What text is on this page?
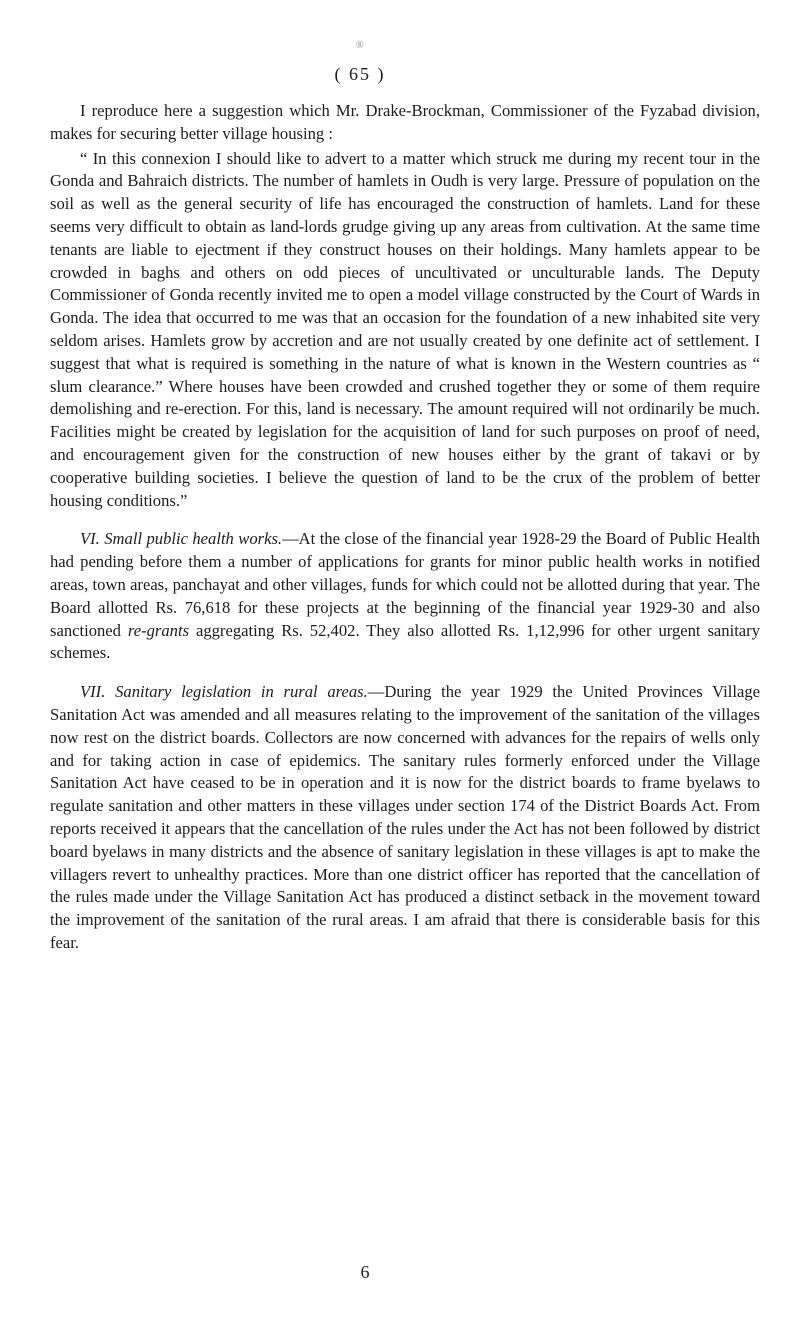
®
( 65 )

I reproduce here a suggestion which Mr. Drake-Brockman, Commissioner of the Fyzabad division, makes for securing better village housing :

“ In this connexion I should like to advert to a matter which struck me during my recent tour in the Gonda and Bahraich districts. The number of hamlets in Oudh is very large. Pressure of population on the soil as well as the general security of life has encouraged the construction of hamlets. Land for these seems very difficult to obtain as land-lords grudge giving up any areas from cultivation. At the same time tenants are liable to ejectment if they construct houses on their holdings. Many hamlets appear to be crowded in baghs and others on odd pieces of uncultivated or unculturable lands. The Deputy Commissioner of Gonda recently invited me to open a model village constructed by the Court of Wards in Gonda. The idea that occurred to me was that an occasion for the foundation of a new inhabited site very seldom arises. Hamlets grow by accretion and are not usually created by one definite act of settlement. I suggest that what is required is something in the nature of what is known in the Western countries as “ slum clearance.” Where houses have been crowded and crushed together they or some of them require demolishing and re-erection. For this, land is necessary. The amount required will not ordinarily be much. Facilities might be created by legislation for the acquisition of land for such purposes on proof of need, and encouragement given for the construction of new houses either by the grant of takavi or by cooperative building societies. I believe the question of land to be the crux of the problem of better housing conditions.”

VI. Small public health works.—At the close of the financial year 1928-29 the Board of Public Health had pending before them a number of applications for grants for minor public health works in notified areas, town areas, panchayat and other villages, funds for which could not be allotted during that year. The Board allotted Rs. 76,618 for these projects at the beginning of the financial year 1929-30 and also sanctioned re-grants aggregating Rs. 52,402. They also allotted Rs. 1,12,996 for other urgent sanitary schemes.

VII. Sanitary legislation in rural areas.—During the year 1929 the United Provinces Village Sanitation Act was amended and all measures relating to the improvement of the sanitation of the villages now rest on the district boards. Collectors are now concerned with advances for the repairs of wells only and for taking action in case of epidemics. The sanitary rules formerly enforced under the Village Sanitation Act have ceased to be in operation and it is now for the district boards to frame byelaws to regulate sanitation and other matters in these villages under section 174 of the District Boards Act. From reports received it appears that the cancellation of the rules under the Act has not been followed by district board byelaws in many districts and the absence of sanitary legislation in these villages is apt to make the villagers revert to unhealthy practices. More than one district officer has reported that the cancellation of the rules made under the Village Sanitation Act has produced a distinct setback in the movement toward the improvement of the sanitation of the rural areas. I am afraid that there is considerable basis for this fear.

6
